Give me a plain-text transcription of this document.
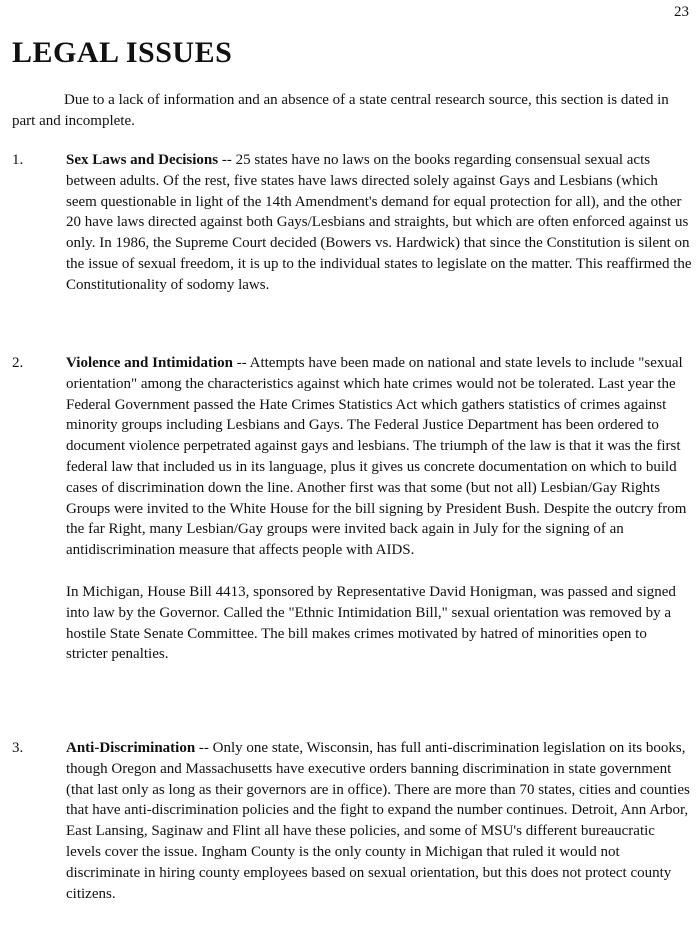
23
LEGAL ISSUES

Due to a lack of information and an absence of a state central research source, this section is dated in part and incomplete.

1.	Sex Laws and Decisions -- 25 states have no laws on the books regarding consensual sexual acts between adults. Of the rest, five states have laws directed solely against Gays and Lesbians (which seem questionable in light of the 14th Amendment's demand for equal protection for all), and the other 20 have laws directed against both Gays/Lesbians and straights, but which are often enforced against us only. In 1986, the Supreme Court decided (Bowers vs. Hardwick) that since the Constitution is silent on the issue of sexual freedom, it is up to the individual states to legislate on the matter. This reaffirmed the Constitutionality of sodomy laws.

2.	Violence and Intimidation -- Attempts have been made on national and state levels to include "sexual orientation" among the characteristics against which hate crimes would not be tolerated. Last year the Federal Government passed the Hate Crimes Statistics Act which gathers statistics of crimes against minority groups including Lesbians and Gays. The Federal Justice Department has been ordered to document violence perpetrated against gays and lesbians. The triumph of the law is that it was the first federal law that included us in its language, plus it gives us concrete documentation on which to build cases of discrimination down the line. Another first was that some (but not all) Lesbian/Gay Rights Groups were invited to the White House for the bill signing by President Bush. Despite the outcry from the far Right, many Lesbian/Gay groups were invited back again in July for the signing of an antidiscrimination measure that affects people with AIDS.

In Michigan, House Bill 4413, sponsored by Representative David Honigman, was passed and signed into law by the Governor. Called the "Ethnic Intimidation Bill," sexual orientation was removed by a hostile State Senate Committee. The bill makes crimes motivated by hatred of minorities open to stricter penalties.

3.	Anti-Discrimination -- Only one state, Wisconsin, has full anti-discrimination legislation on its books, though Oregon and Massachusetts have executive orders banning discrimination in state government (that last only as long as their governors are in office). There are more than 70 states, cities and counties that have anti-discrimination policies and the fight to expand the number continues. Detroit, Ann Arbor, East Lansing, Saginaw and Flint all have these policies, and some of MSU's different bureaucratic levels cover the issue. Ingham County is the only county in Michigan that ruled it would not discriminate in hiring county employees based on sexual orientation, but this does not protect county citizens.
